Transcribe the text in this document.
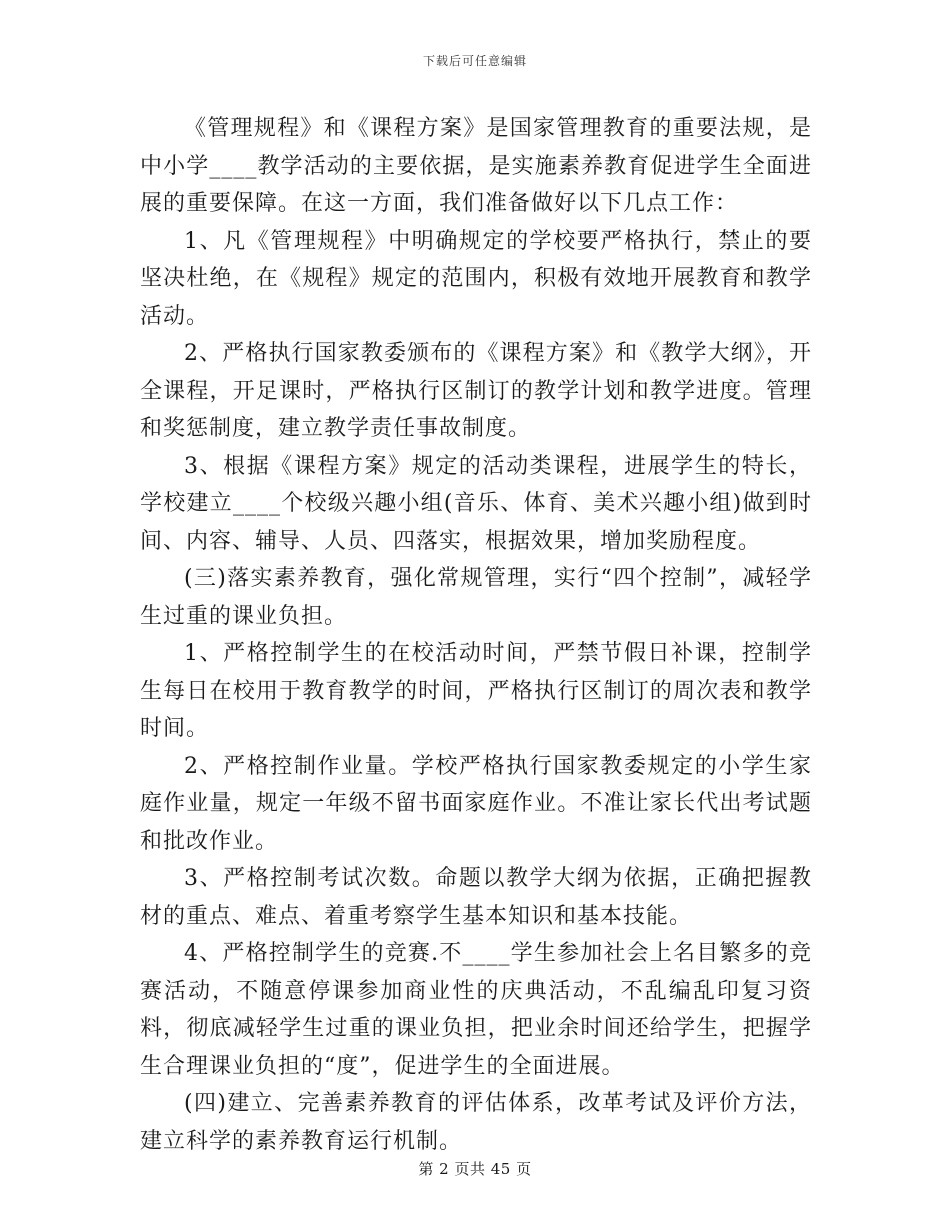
下载后可任意编辑

《管理规程》和《课程方案》是国家管理教育的重要法规，是中小学____教学活动的主要依据，是实施素养教育促进学生全面进展的重要保障。在这一方面，我们准备做好以下几点工作：

1、凡《管理规程》中明确规定的学校要严格执行，禁止的要坚决杜绝，在《规程》规定的范围内，积极有效地开展教育和教学活动。

2、严格执行国家教委颁布的《课程方案》和《教学大纲》，开全课程，开足课时，严格执行区制订的教学计划和教学进度。管理和奖惩制度，建立教学责任事故制度。

3、根据《课程方案》规定的活动类课程，进展学生的特长，学校建立____个校级兴趣小组(音乐、体育、美术兴趣小组)做到时间、内容、辅导、人员、四落实，根据效果，增加奖励程度。

(三)落实素养教育，强化常规管理，实行“四个控制”，减轻学生过重的课业负担。

1、严格控制学生的在校活动时间，严禁节假日补课，控制学生每日在校用于教育教学的时间，严格执行区制订的周次表和教学时间。

2、严格控制作业量。学校严格执行国家教委规定的小学生家庭作业量，规定一年级不留书面家庭作业。不准让家长代出考试题和批改作业。

3、严格控制考试次数。命题以教学大纲为依据，正确把握教材的重点、难点、着重考察学生基本知识和基本技能。

4、严格控制学生的竞赛.不____学生参加社会上名目繁多的竞赛活动，不随意停课参加商业性的庆典活动，不乱编乱印复习资料，彻底减轻学生过重的课业负担，把业余时间还给学生，把握学生合理课业负担的“度”，促进学生的全面进展。

(四)建立、完善素养教育的评估体系，改革考试及评价方法，建立科学的素养教育运行机制。

第 2 页共 45 页
